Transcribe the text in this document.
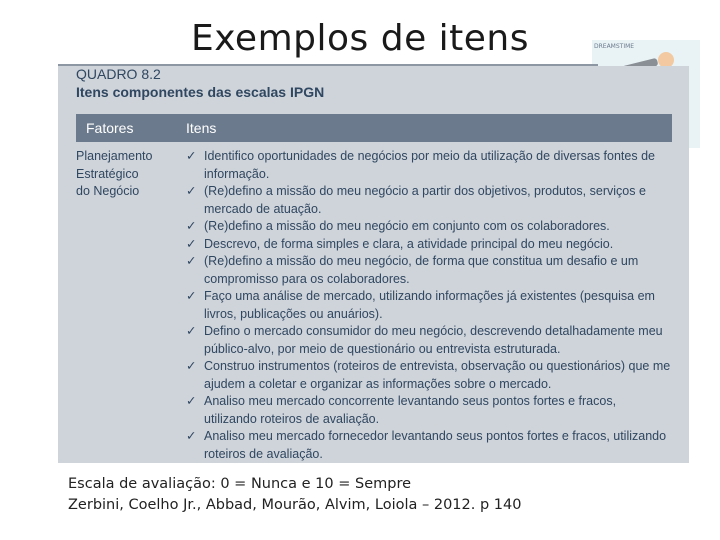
Exemplos de itens	DREAMSTIME
QUADRO 8.2
Itens componentes das escalas IPGN
Fatores	Itens
Planejamento
Estratégico
do Negócio
✓ Identifico oportunidades de negócios por meio da utilização de diversas fontes de informação.
✓ (Re)defino a missão do meu negócio a partir dos objetivos, produtos, serviços e mercado de atuação.
✓ (Re)defino a missão do meu negócio em conjunto com os colaboradores.
✓ Descrevo, de forma simples e clara, a atividade principal do meu negócio.
✓ (Re)defino a missão do meu negócio, de forma que constitua um desafio e um compromisso para os colaboradores.
✓ Faço uma análise de mercado, utilizando informações já existentes (pesquisa em livros, publicações ou anuários).
✓ Defino o mercado consumidor do meu negócio, descrevendo detalhadamente meu público-alvo, por meio de questionário ou entrevista estruturada.
✓ Construo instrumentos (roteiros de entrevista, observação ou questionários) que me ajudem a coletar e organizar as informações sobre o mercado.
✓ Analiso meu mercado concorrente levantando seus pontos fortes e fracos, utilizando roteiros de avaliação.
✓ Analiso meu mercado fornecedor levantando seus pontos fortes e fracos, utilizando roteiros de avaliação.
Escala de avaliação: 0 = Nunca e 10 = Sempre
Zerbini, Coelho Jr., Abbad, Mourão, Alvim, Loiola – 2012. p 140
